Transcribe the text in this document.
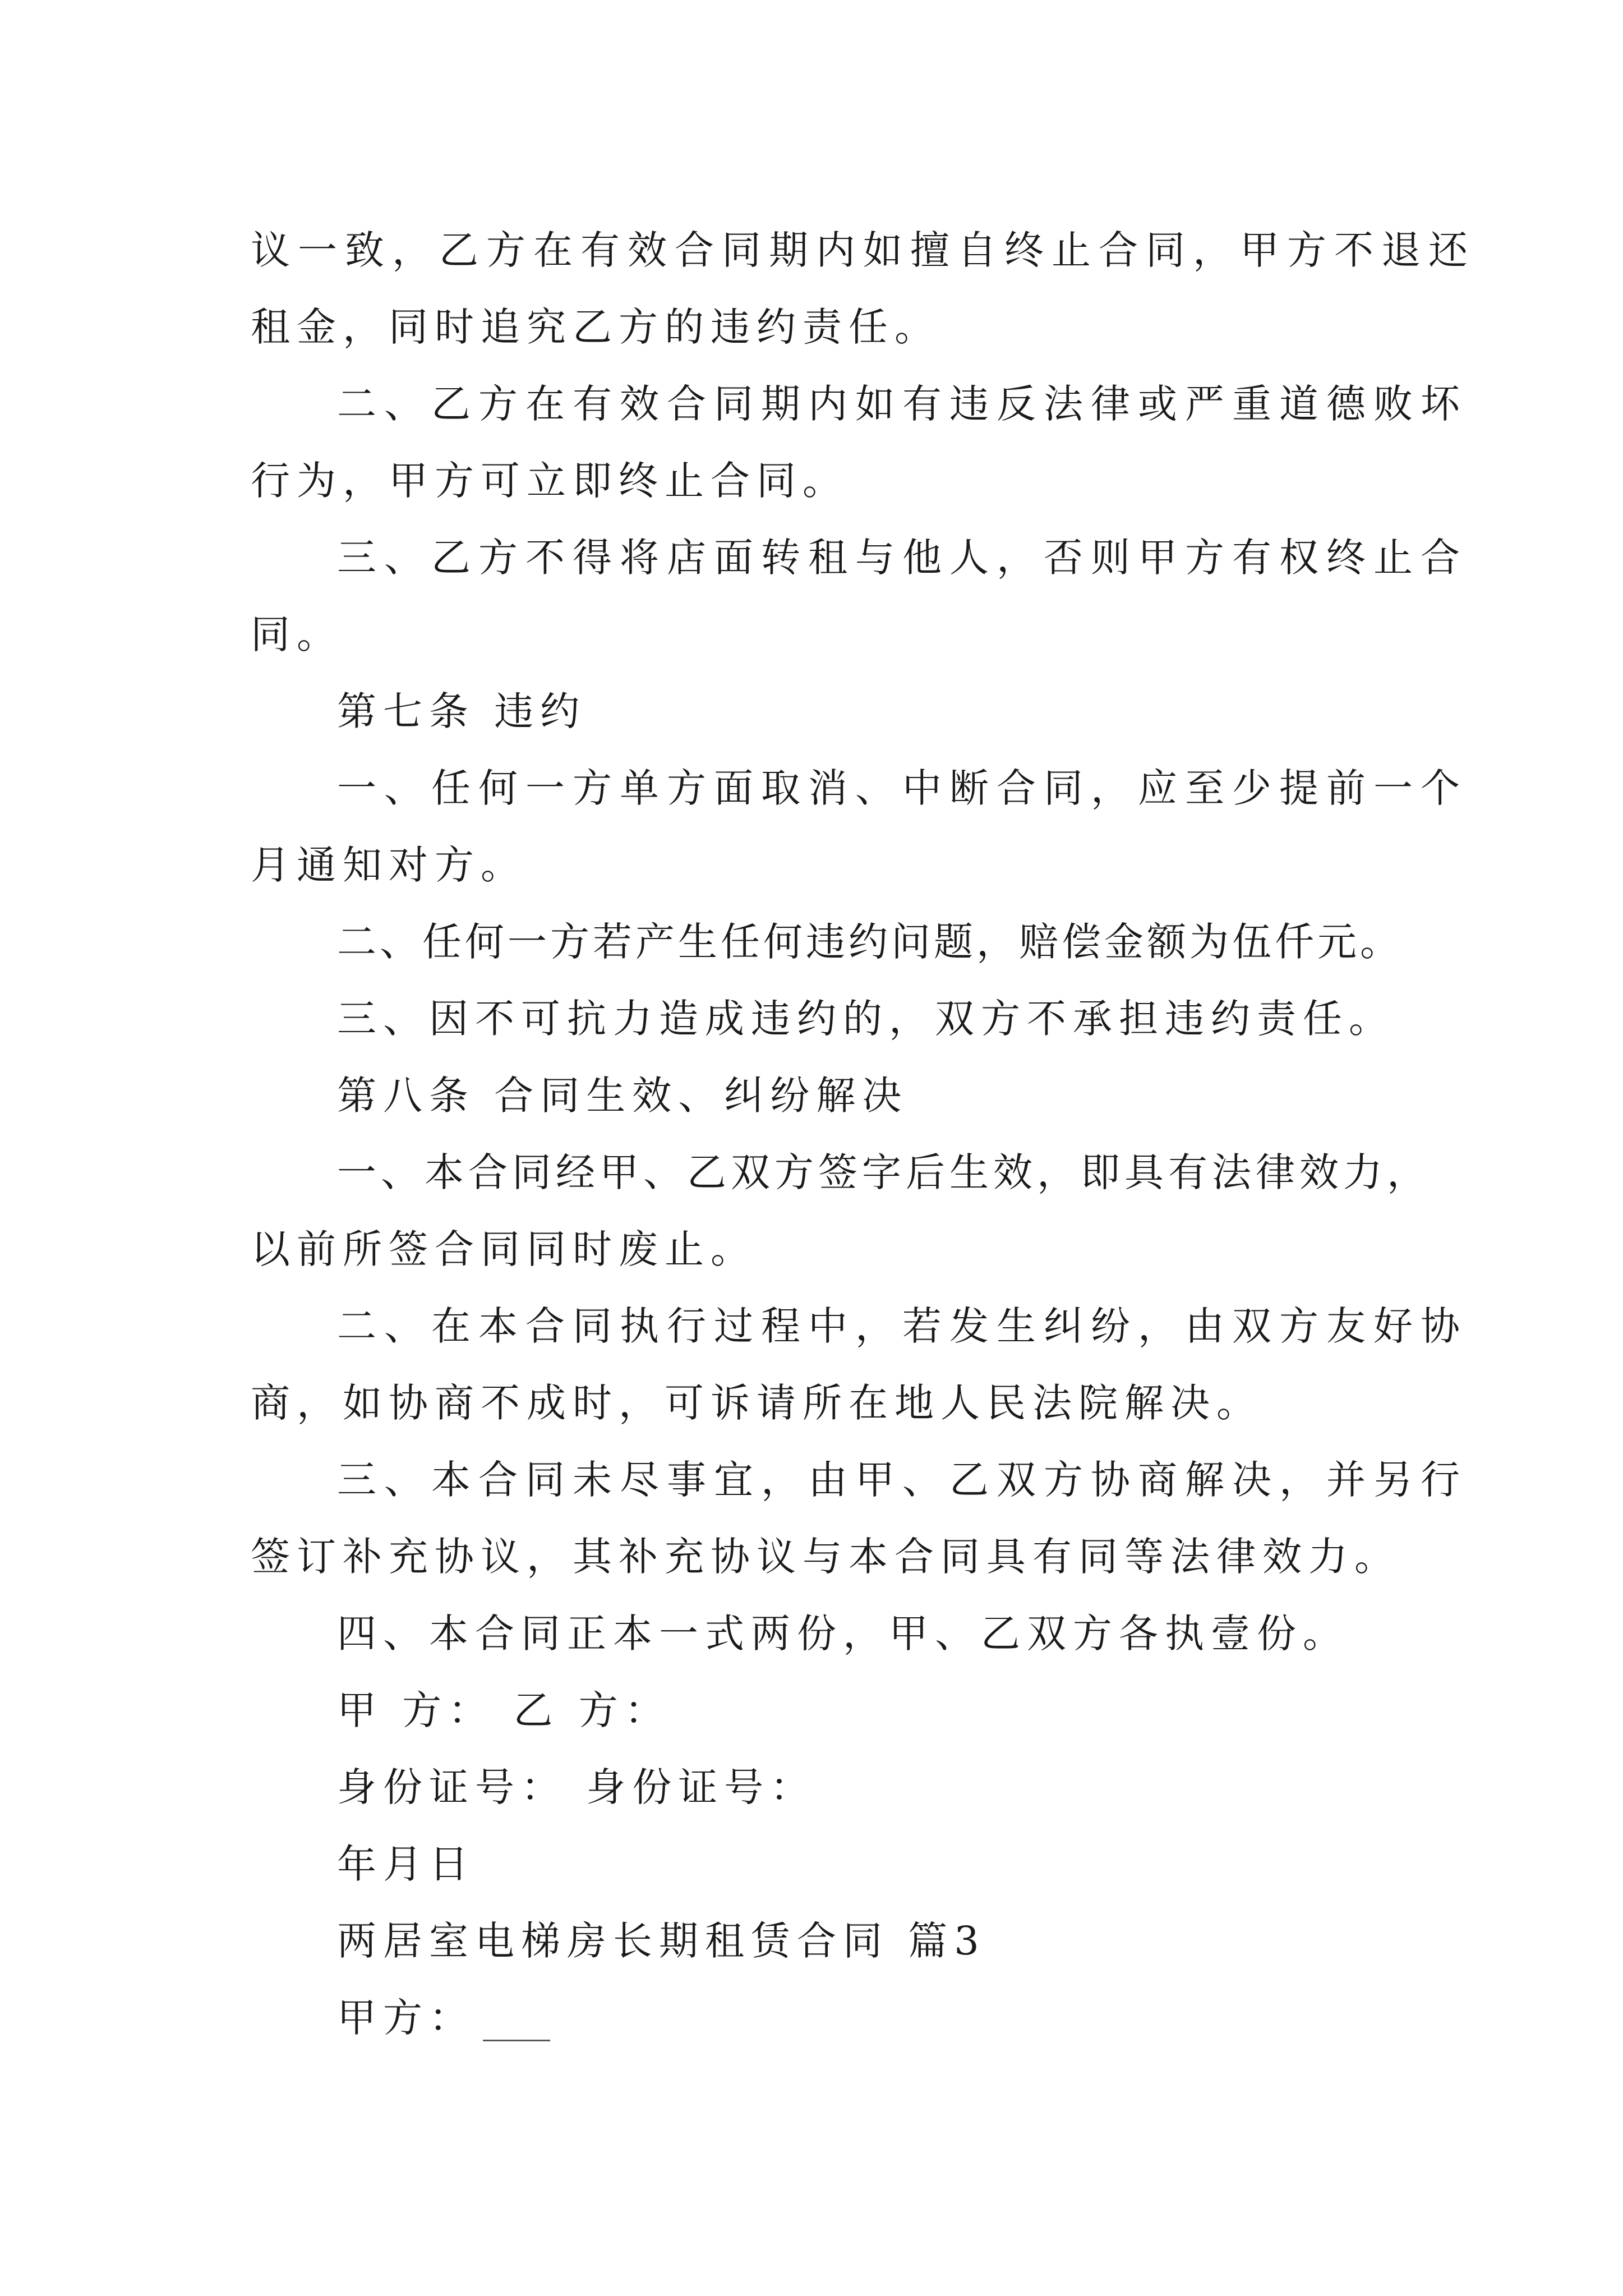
议一致，乙方在有效合同期内如擅自终止合同，甲方不退还
租金，同时追究乙方的违约责任。
二、乙方在有效合同期内如有违反法律或严重道德败坏
行为，甲方可立即终止合同。
三、乙方不得将店面转租与他人，否则甲方有权终止合
同。
第七条 违约
一、任何一方单方面取消、中断合同，应至少提前一个
月通知对方。
二、任何一方若产生任何违约问题，赔偿金额为伍仟元。
三、因不可抗力造成违约的，双方不承担违约责任。
第八条 合同生效、纠纷解决
一、本合同经甲、乙双方签字后生效，即具有法律效力，
以前所签合同同时废止。
二、在本合同执行过程中，若发生纠纷，由双方友好协
商，如协商不成时，可诉请所在地人民法院解决。
三、本合同未尽事宜，由甲、乙双方协商解决，并另行
签订补充协议，其补充协议与本合同具有同等法律效力。
四、本合同正本一式两份，甲、乙双方各执壹份。
甲 方： 乙 方：
身份证号： 身份证号：
年月日
两居室电梯房长期租赁合同 篇3
甲方：
